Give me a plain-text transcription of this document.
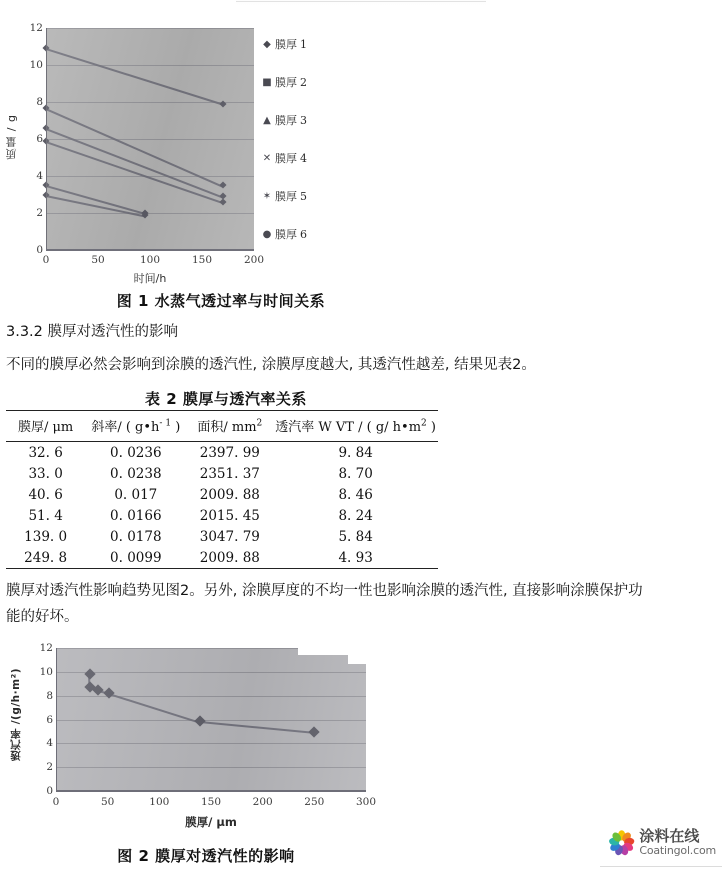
0
2
4
6
8
10
12
0	50	100	150	200
质量 / g
时间/h
◆ 膜厚 1
■ 膜厚 2
▲ 膜厚 3
✕ 膜厚 4
✶ 膜厚 5
● 膜厚 6
图 1 水蒸气透过率与时间关系
3.3.2 膜厚对透汽性的影响
不同的膜厚必然会影响到涂膜的透汽性, 涂膜厚度越大, 其透汽性越差, 结果见表2。
表 2 膜厚与透汽率关系
膜厚/ μm	斜率/ ( $g•h^{- 1}$ )	面积/ $mm^2$	透汽率 W VT / ( g/ $h•m^2$ )
32. 6	0. 0236	2397. 99	9. 84
33. 0	0. 0238	2351. 37	8. 70
40. 6	0. 017	2009. 88	8. 46
51. 4	0. 0166	2015. 45	8. 24
139. 0	0. 0178	3047. 79	5. 84
249. 8	0. 0099	2009. 88	4. 93
膜厚对透汽性影响趋势见图2。另外, 涂膜厚度的不均一性也影响涂膜的透汽性, 直接影响涂膜保护功
能的好坏。
0
2
4
6
8
10
12
0	50	100	150	200	250	300
透汽率 /(g/h·m²)
膜厚/ μm
图 2 膜厚对透汽性的影响
涂料在线
Coatingol.com
